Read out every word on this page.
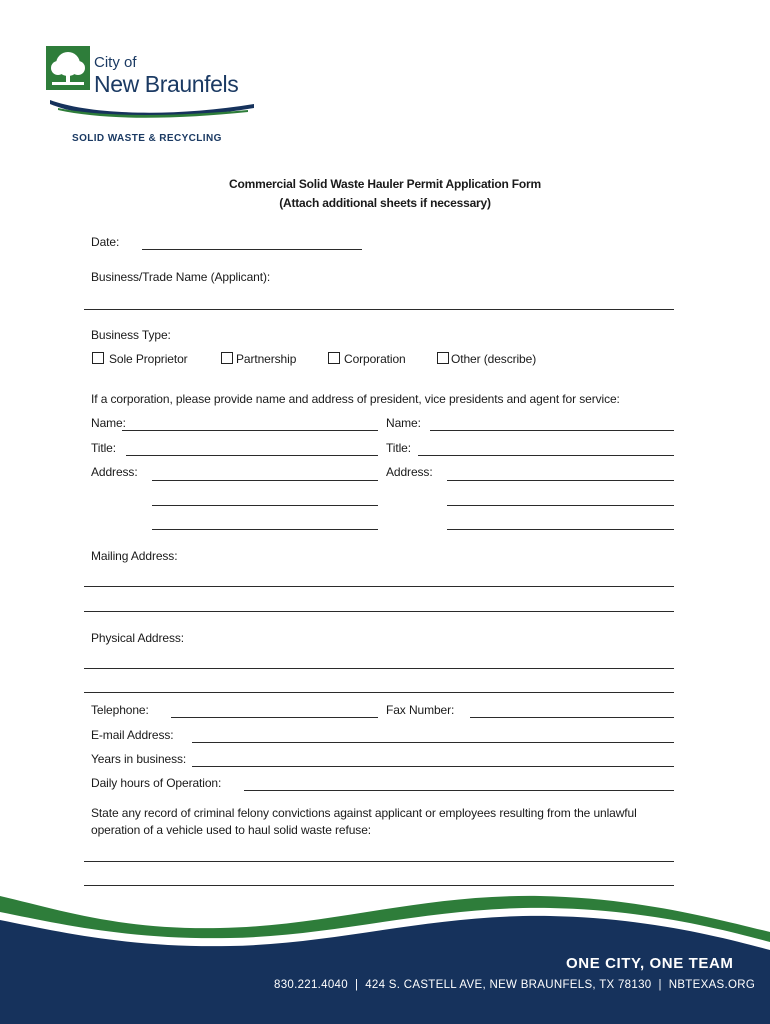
City of
New Braunfels
SOLID WASTE & RECYCLING
Commercial Solid Waste Hauler Permit Application Form
(Attach additional sheets if necessary)
Date:
Business/Trade Name (Applicant):
Business Type:
Sole Proprietor	Partnership	Corporation	Other (describe)
If a corporation, please provide name and address of president, vice presidents and agent for service:
Name:	Name:
Title:	Title:
Address:	Address:
Mailing Address:
Physical Address:
Telephone:	Fax Number:
E-mail Address:
Years in business:
Daily hours of Operation:
State any record of criminal felony convictions against applicant or employees resulting from the unlawful
operation of a vehicle used to haul solid waste refuse:
ONE CITY, ONE TEAM
830.221.4040  |  424 S. CASTELL AVE, NEW BRAUNFELS, TX 78130  |  NBTEXAS.ORG
